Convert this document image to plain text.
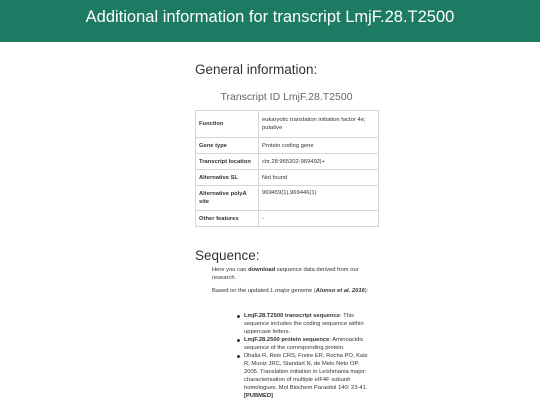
Additional information for transcript LmjF.28.T2500
General information:
Transcript ID LmjF.28.T2500
Function	eukaryotic translation initiation factor 4e; putative
Gene type	Protein coding gene
Transcript location	chr.28:965202-969492|+
Alternative SL	Not found
Alternative polyA site	969459(1),969446(1)
Other features	-
Sequence:
Here you can download sequence data derived from our research.
Based on the updated L.major genome (Alonso et al. 2016):
LmjF.28.T2500 transcript sequence: This sequence includes the coding sequence within uppercase letters.
LmjF.28.2500 protein sequence: Aminoacidic sequence of the corresponding protein.
Dhalia R, Reis CRS, Freire ER, Rocha PO, Katz R, Muniz JRC, Standart N, de Melo Neto OP. 2005. Translation initiation in Leishmania major: characterisation of multiple eIF4F subunit homologues. Mol Biochem Parasitol 140: 23-41. [PUBMED]
